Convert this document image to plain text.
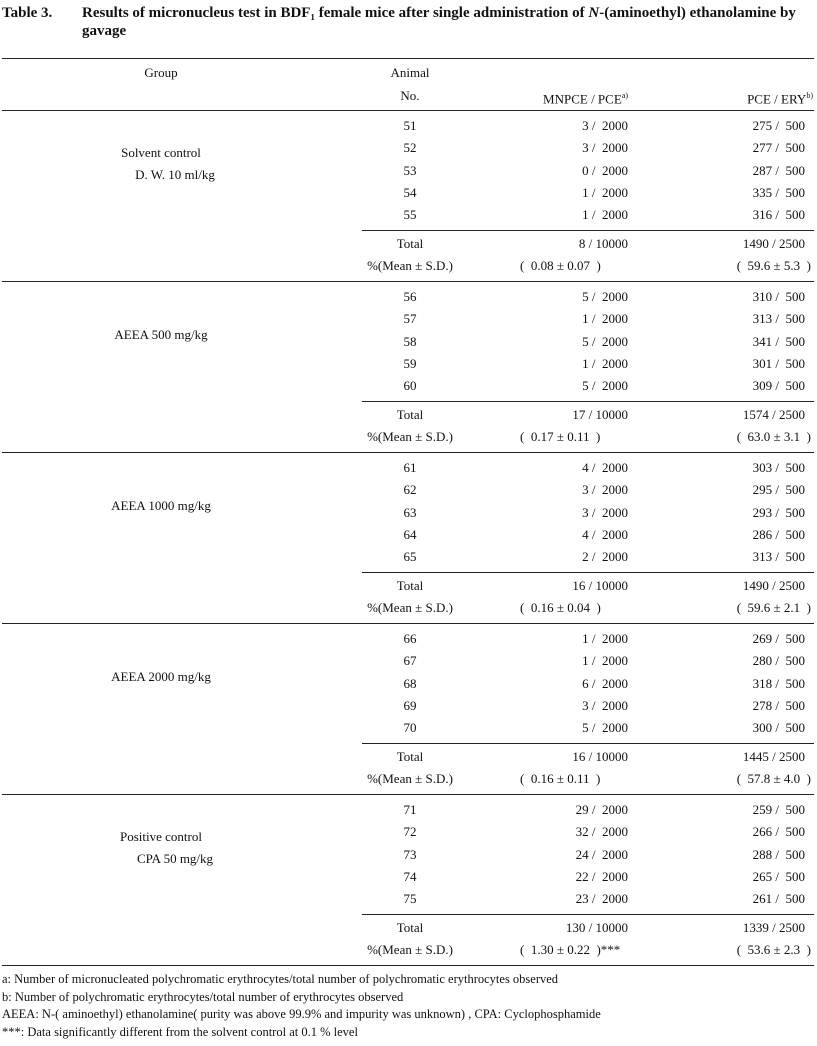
Table 3. Results of micronucleus test in BDF₁ female mice after single administration of N-(aminoethyl) ethanolamine by gavage
Group	Animal
No.	MNPCE / PCE$^{a)}$	PCE / ERY$^{b)}$
Solvent control
D. W. 10 ml/kg
51	3 /  2000	275 /  500
52	3 /  2000	277 /  500
53	0 /  2000	287 /  500
54	1 /  2000	335 /  500
55	1 /  2000	316 /  500
Total	8 / 10000	1490 / 2500
%(Mean ± S.D.)	(  0.08 ± 0.07  )	(  59.6 ± 5.3  )
AEEA 500 mg/kg
56	5 /  2000	310 /  500
57	1 /  2000	313 /  500
58	5 /  2000	341 /  500
59	1 /  2000	301 /  500
60	5 /  2000	309 /  500
Total	17 / 10000	1574 / 2500
%(Mean ± S.D.)	(  0.17 ± 0.11  )	(  63.0 ± 3.1  )
AEEA 1000 mg/kg
61	4 /  2000	303 /  500
62	3 /  2000	295 /  500
63	3 /  2000	293 /  500
64	4 /  2000	286 /  500
65	2 /  2000	313 /  500
Total	16 / 10000	1490 / 2500
%(Mean ± S.D.)	(  0.16 ± 0.04  )	(  59.6 ± 2.1  )
AEEA 2000 mg/kg
66	1 /  2000	269 /  500
67	1 /  2000	280 /  500
68	6 /  2000	318 /  500
69	3 /  2000	278 /  500
70	5 /  2000	300 /  500
Total	16 / 10000	1445 / 2500
%(Mean ± S.D.)	(  0.16 ± 0.11  )	(  57.8 ± 4.0  )
Positive control
CPA 50 mg/kg
71	29 /  2000	259 /  500
72	32 /  2000	266 /  500
73	24 /  2000	288 /  500
74	22 /  2000	265 /  500
75	23 /  2000	261 /  500
Total	130 / 10000	1339 / 2500
%(Mean ± S.D.)	(  1.30 ± 0.22  )***	(  53.6 ± 2.3  )
a: Number of micronucleated polychromatic erythrocytes/total number of polychromatic erythrocytes observed
b: Number of polychromatic erythrocytes/total number of erythrocytes observed
AEEA: N-( aminoethyl) ethanolamine( purity was above 99.9% and impurity was unknown) , CPA: Cyclophosphamide
***: Data significantly different from the solvent control at 0.1 % level
